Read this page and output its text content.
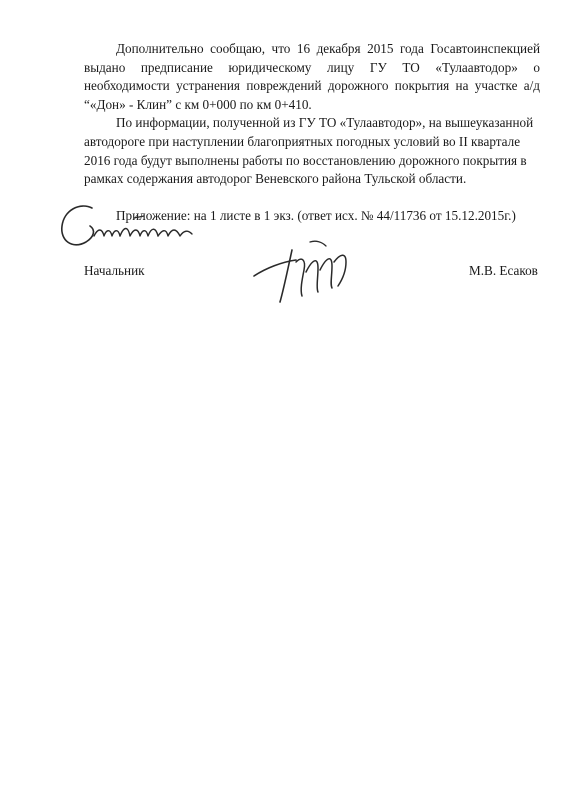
Дополнительно сообщаю, что 16 декабря 2015 года Госавтоинспекцией выдано предписание юридическому лицу ГУ ТО «Тулаавтодор» о необходимости устранения повреждений дорожного покрытия на участке а/д “«Дон» - Клин” с км 0+000 по км 0+410.

По информации, полученной из ГУ ТО «Тулаавтодор», на вышеуказанной автодороге при наступлении благоприятных погодных условий во II квартале 2016 года будут выполнены работы по восстановлению дорожного покрытия в рамках содержания автодорог Веневского района Тульской области.

Приложение: на 1 листе в 1 экз. (ответ исх. № 44/11736 от 15.12.2015г.)
Начальник	М.В. Есаков
